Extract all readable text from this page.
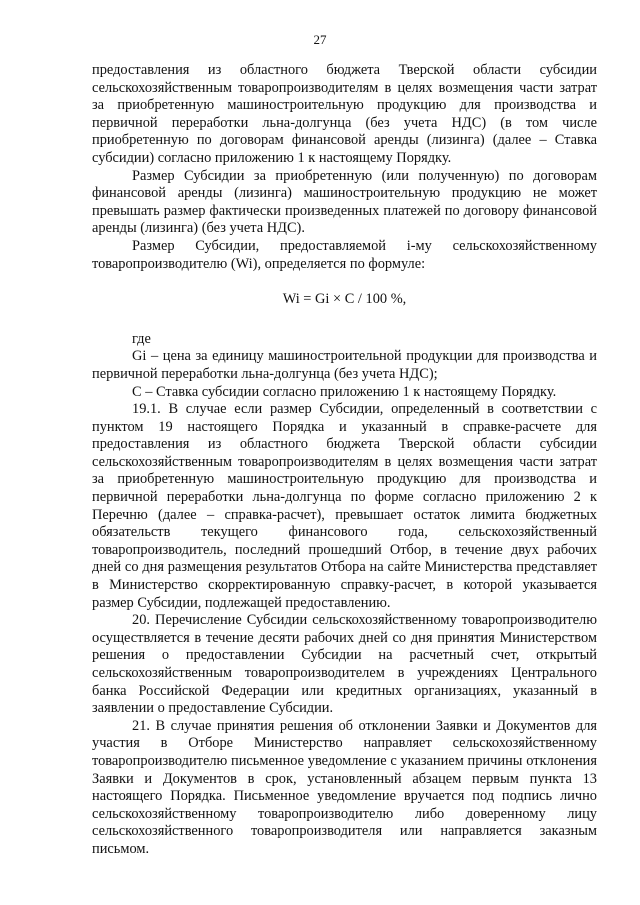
27

предоставления из областного бюджета Тверской области субсидии сельскохозяйственным товаропроизводителям в целях возмещения части затрат за приобретенную машиностроительную продукцию для производства и первичной переработки льна-долгунца (без учета НДС) (в том числе приобретенную по договорам финансовой аренды (лизинга) (далее – Ставка субсидии) согласно приложению 1 к настоящему Порядку.

Размер Субсидии за приобретенную (или полученную) по договорам финансовой аренды (лизинга) машиностроительную продукцию не может превышать размер фактически произведенных платежей по договору финансовой аренды (лизинга) (без учета НДС).

Размер Субсидии, предоставляемой i-му сельскохозяйственному товаропроизводителю (Wi), определяется по формуле:

Wi = Gi × C / 100 %,

где

Gi – цена за единицу машиностроительной продукции для производства и первичной переработки льна-долгунца (без учета НДС);

С – Ставка субсидии согласно приложению 1 к настоящему Порядку.

19.1. В случае если размер Субсидии, определенный в соответствии с пунктом 19 настоящего Порядка и указанный в справке-расчете для предоставления из областного бюджета Тверской области субсидии сельскохозяйственным товаропроизводителям в целях возмещения части затрат за приобретенную машиностроительную продукцию для производства и первичной переработки льна-долгунца по форме согласно приложению 2 к Перечню (далее – справка-расчет), превышает остаток лимита бюджетных обязательств текущего финансового года, сельскохозяйственный товаропроизводитель, последний прошедший Отбор, в течение двух рабочих дней со дня размещения результатов Отбора на сайте Министерства представляет в Министерство скорректированную справку-расчет, в которой указывается размер Субсидии, подлежащей предоставлению.

20. Перечисление Субсидии сельскохозяйственному товаропроизводителю осуществляется в течение десяти рабочих дней со дня принятия Министерством решения о предоставлении Субсидии на расчетный счет, открытый сельскохозяйственным товаропроизводителем в учреждениях Центрального банка Российской Федерации или кредитных организациях, указанный в заявлении о предоставление Субсидии.

21. В случае принятия решения об отклонении Заявки и Документов для участия в Отборе Министерство направляет сельскохозяйственному товаропроизводителю письменное уведомление с указанием причины отклонения Заявки и Документов в срок, установленный абзацем первым пункта 13 настоящего Порядка. Письменное уведомление вручается под подпись лично сельскохозяйственному товаропроизводителю либо доверенному лицу сельскохозяйственного товаропроизводителя или направляется заказным письмом.
